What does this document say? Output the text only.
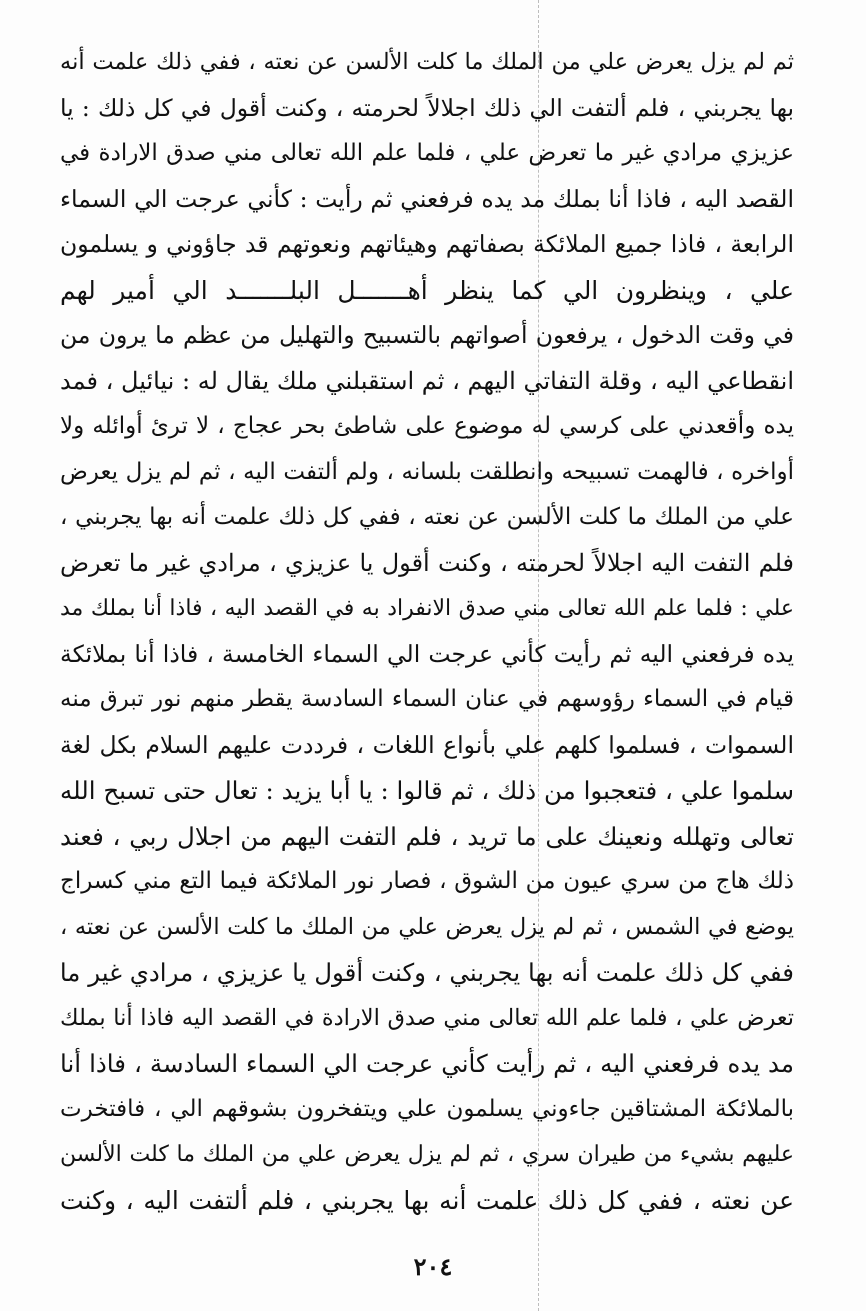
ثم لم يزل يعرض علي من الملك ما كلت الألسن عن نعته ، ففي ذلك علمت أنه
بها يجربني ، فلم ألتفت الي ذلك اجلالاً لحرمته ، وكنت أقول في كل ذلك : يا
عزيزي مرادي غير ما تعرض علي ، فلما علم الله تعالى مني صدق الارادة في
القصد اليه ، فاذا أنا بملك مد يده فرفعني ثم رأيت : كأني عرجت الي السماء
الرابعة ، فاذا جميع الملائكة بصفاتهم وهيئاتهم ونعوتهم قد جاؤوني و يسلمون
علي ، وينظرون الي كما ينظر أهـــــــل البلـــــــد الي أمير لهم
في وقت الدخول ، يرفعون أصواتهم بالتسبيح والتهليل من عظم ما يرون من
انقطاعي اليه ، وقلة التفاتي اليهم ، ثم استقبلني ملك يقال له : نيائيل ، فمد
يده وأقعدني على كرسي له موضوع على شاطئ بحر عجاج ، لا ترئ أوائله ولا
أواخره ، فالهمت تسبيحه وانطلقت بلسانه ، ولم ألتفت اليه ، ثم لم يزل يعرض
علي من الملك ما كلت الألسن عن نعته ، ففي كل ذلك علمت أنه بها يجربني ،
فلم التفت اليه اجلالاً لحرمته ، وكنت أقول يا عزيزي ، مرادي غير ما تعرض
علي : فلما علم الله تعالى مني صدق الانفراد به في القصد اليه ، فاذا أنا بملك مد
يده فرفعني اليه ثم رأيت كأني عرجت الي السماء الخامسة ، فاذا أنا بملائكة
قيام في السماء رؤوسهم في عنان السماء السادسة يقطر منهم نور تبرق منه
السموات ، فسلموا كلهم علي بأنواع اللغات ، فرددت عليهم السلام بكل لغة
سلموا علي ، فتعجبوا من ذلك ، ثم قالوا : يا أبا يزيد : تعال حتى تسبح الله
تعالى وتهلله ونعينك على ما تريد ، فلم التفت اليهم من اجلال ربي ، فعند
ذلك هاج من سري عيون من الشوق ، فصار نور الملائكة فيما التع مني كسراج
يوضع في الشمس ، ثم لم يزل يعرض علي من الملك ما كلت الألسن عن نعته ،
ففي كل ذلك علمت أنه بها يجربني ، وكنت أقول يا عزيزي ، مرادي غير ما
تعرض علي ، فلما علم الله تعالى مني صدق الارادة في القصد اليه فاذا أنا بملك
مد يده فرفعني اليه ، ثم رأيت كأني عرجت الي السماء السادسة ، فاذا أنا
بالملائكة المشتاقين جاءوني يسلمون علي ويتفخرون بشوقهم الي ، فافتخرت
عليهم بشيء من طيران سري ، ثم لم يزل يعرض علي من الملك ما كلت الألسن
عن نعته ، ففي كل ذلك علمت أنه بها يجربني ، فلم ألتفت اليه ، وكنت
٢٠٤
